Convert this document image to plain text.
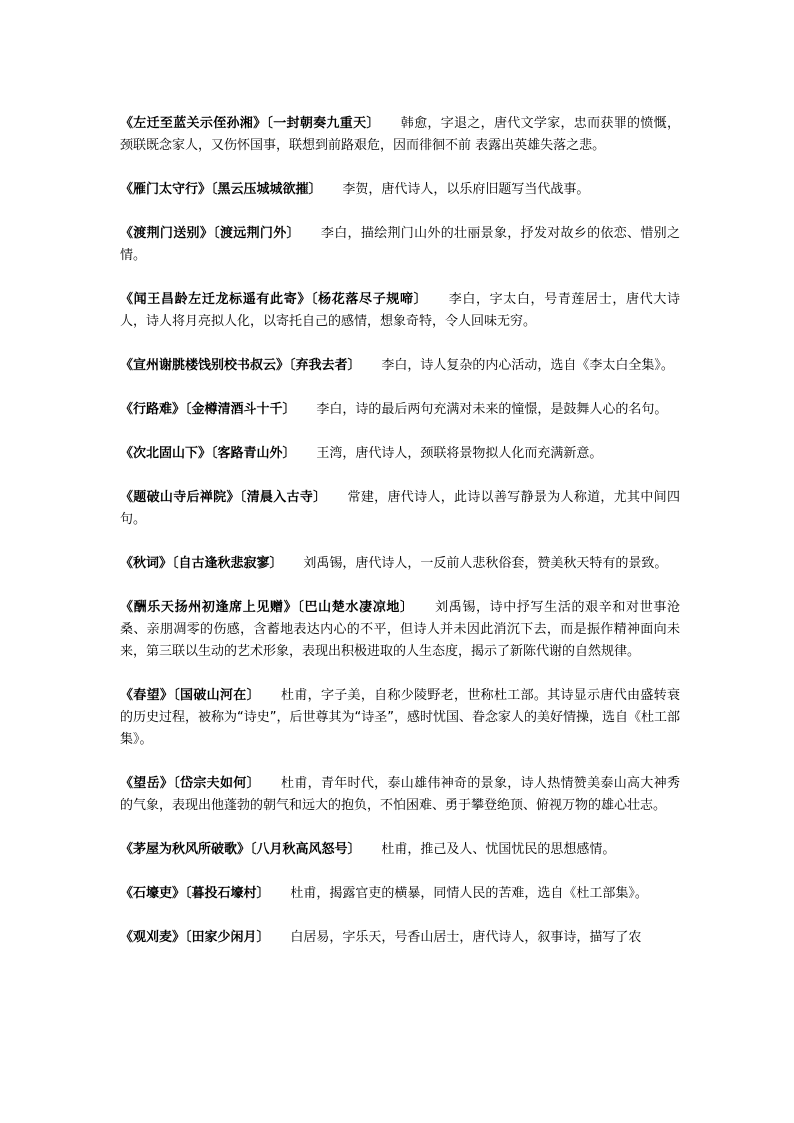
《左迁至蓝关示侄孙湘》〔一封朝奏九重天〕 韩愈，字退之，唐代文学家，忠而获罪的愤慨，颈联既念家人，又伤怀国事，联想到前路艰危，因而徘徊不前 表露出英雄失落之悲。

《雁门太守行》〔黑云压城城欲摧〕 李贺，唐代诗人，以乐府旧题写当代战事。

《渡荆门送别》〔渡远荆门外〕 李白，描绘荆门山外的壮丽景象，抒发对故乡的依恋、惜别之情。

《闻王昌龄左迁龙标遥有此寄》〔杨花落尽子规啼〕 李白，字太白，号青莲居士，唐代大诗人，诗人将月亮拟人化，以寄托自己的感情，想象奇特，令人回味无穷。

《宣州谢朓楼饯别校书叔云》〔弃我去者〕 李白，诗人复杂的内心活动，选自《李太白全集》。

《行路难》〔金樽清酒斗十千〕 李白，诗的最后两句充满对未来的憧憬，是鼓舞人心的名句。

《次北固山下》〔客路青山外〕 王湾，唐代诗人，颈联将景物拟人化而充满新意。

《题破山寺后禅院》〔清晨入古寺〕 常建，唐代诗人，此诗以善写静景为人称道，尤其中间四句。

《秋词》〔自古逢秋悲寂寥〕 刘禹锡，唐代诗人，一反前人悲秋俗套，赞美秋天特有的景致。

《酬乐天扬州初逢席上见赠》〔巴山楚水凄凉地〕 刘禹锡，诗中抒写生活的艰辛和对世事沧桑、亲朋凋零的伤感，含蓄地表达内心的不平，但诗人并未因此消沉下去，而是振作精神面向未来，第三联以生动的艺术形象，表现出积极进取的人生态度，揭示了新陈代谢的自然规律。

《春望》〔国破山河在〕 杜甫，字子美，自称少陵野老，世称杜工部。其诗显示唐代由盛转衰的历史过程，被称为“诗史”，后世尊其为“诗圣”，感时忧国、眷念家人的美好情操，选自《杜工部集》。

《望岳》〔岱宗夫如何〕 杜甫，青年时代，泰山雄伟神奇的景象，诗人热情赞美泰山高大神秀的气象，表现出他蓬勃的朝气和远大的抱负，不怕困难、勇于攀登绝顶、俯视万物的雄心壮志。

《茅屋为秋风所破歌》〔八月秋高风怒号〕 杜甫，推己及人、忧国忧民的思想感情。

《石壕吏》〔暮投石壕村〕 杜甫，揭露官吏的横暴，同情人民的苦难，选自《杜工部集》。

《观刈麦》〔田家少闲月〕 白居易，字乐天，号香山居士，唐代诗人，叙事诗，描写了农
